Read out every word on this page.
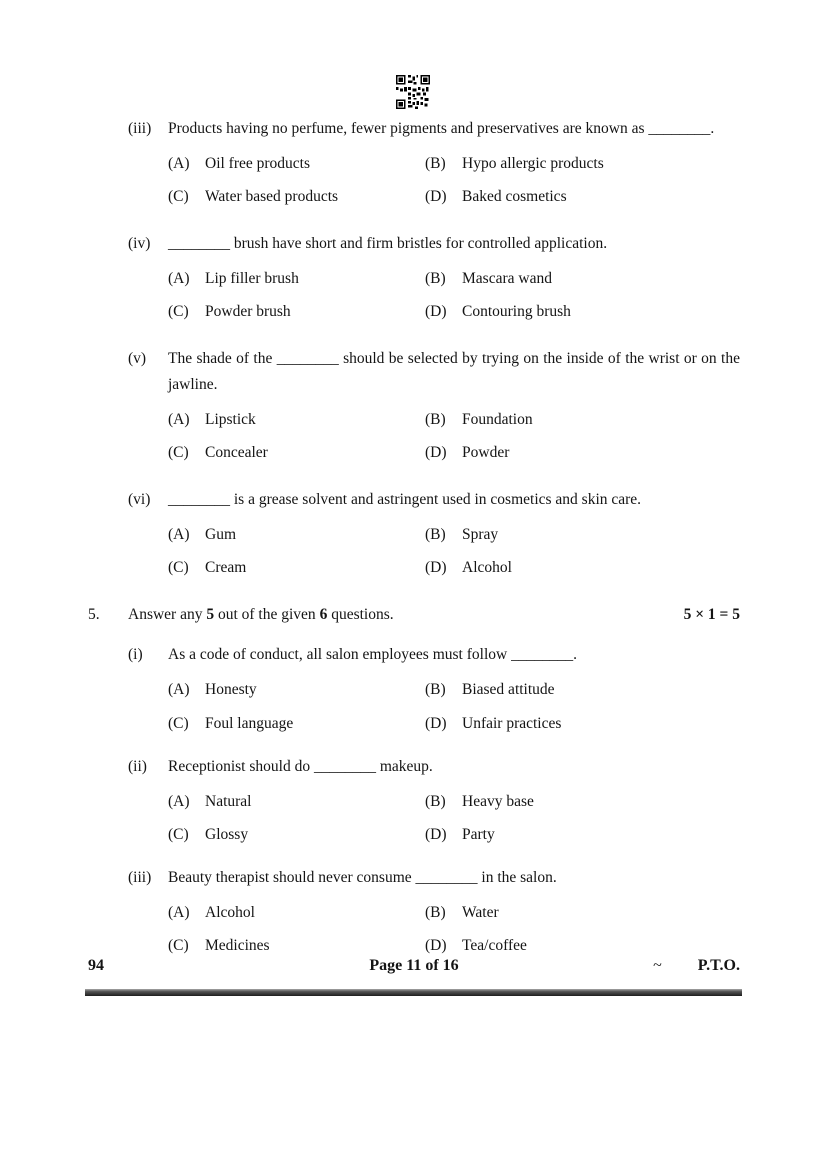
(iii)	Products having no perfume, fewer pigments and preservatives are known as ________.
(A) Oil free products	(B)	Hypo allergic products
(C)	Water based products	(D) Baked cosmetics
(iv)	________ brush have short and firm bristles for controlled application.
(A) Lip filler brush	(B)	Mascara wand
(C)	Powder brush	(D) Contouring brush
(v)	The shade of the ________ should be selected by trying on the inside of the wrist or on the jawline.
(A) Lipstick	(B)	Foundation
(C)	Concealer	(D) Powder
(vi)	________ is a grease solvent and astringent used in cosmetics and skin care.
(A) Gum	(B)	Spray
(C)	Cream	(D) Alcohol
5.	Answer any 5 out of the given 6 questions.	5 × 1 = 5
(i)	As a code of conduct, all salon employees must follow ________.
(A) Honesty	(B)	Biased attitude
(C)	Foul language	(D) Unfair practices
(ii)	Receptionist should do ________ makeup.
(A) Natural	(B)	Heavy base
(C)	Glossy	(D) Party
(iii)	Beauty therapist should never consume ________ in the salon.
(A) Alcohol	(B)	Water
(C)	Medicines	(D) Tea/coffee
94	Page 11 of 16	~ P.T.O.
